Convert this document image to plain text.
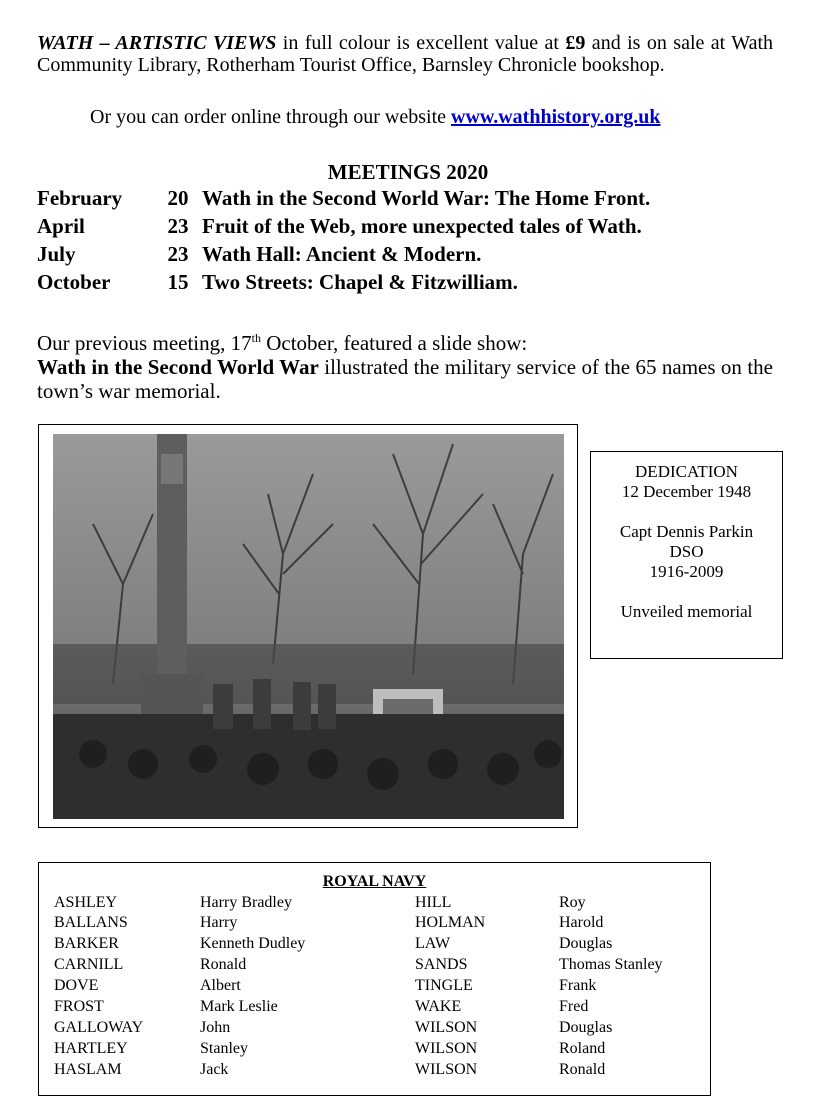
WATH – ARTISTIC VIEWS in full colour is excellent value at £9 and is on sale at Wath Community Library, Rotherham Tourist Office, Barnsley Chronicle bookshop.
Or you can order online through our website www.wathhistory.org.uk
MEETINGS 2020
February 20 Wath in the Second World War: The Home Front.
April	23 Fruit of the Web, more unexpected tales of Wath.
July	23 Wath Hall: Ancient & Modern.
October	15 Two Streets: Chapel & Fitzwilliam.
Our previous meeting, 17th October, featured a slide show:
Wath in the Second World War illustrated the military service of the 65 names on the town’s war memorial.
DEDICATION
12 December 1948
Capt Dennis Parkin
DSO
1916-2009
Unveiled memorial
ROYAL NAVY
ASHLEY	Harry Bradley	HILL	Roy
BALLANS	Harry	HOLMAN	Harold
BARKER	Kenneth Dudley	LAW	Douglas
CARNILL	Ronald	SANDS	Thomas Stanley
DOVE	Albert	TINGLE	Frank
FROST	Mark Leslie	WAKE	Fred
GALLOWAY	John	WILSON	Douglas
HARTLEY	Stanley	WILSON	Roland
HASLAM	Jack	WILSON	Ronald
